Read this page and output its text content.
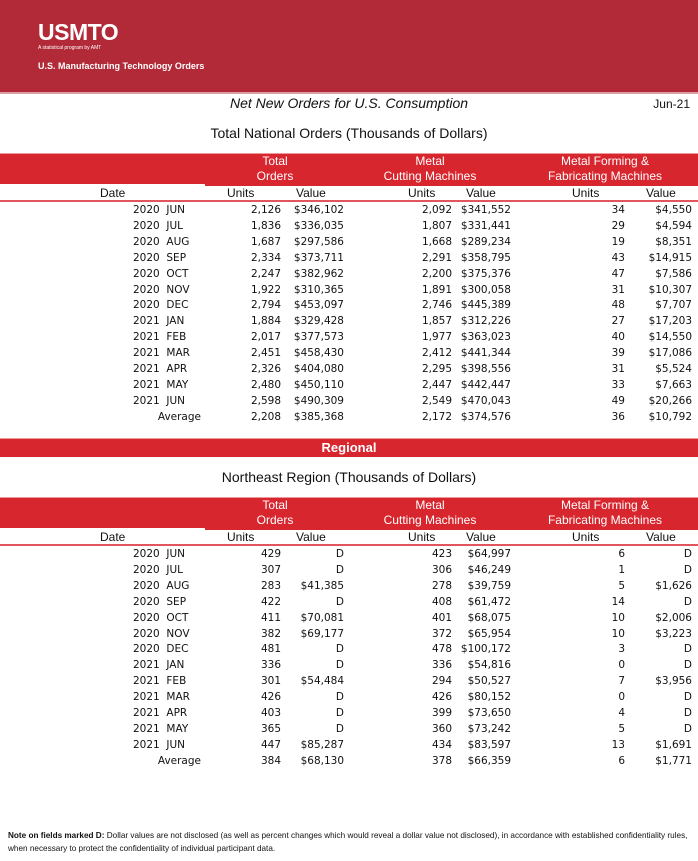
USMTO
A statistical program by AMT
U.S. Manufacturing Technology Orders
Net New Orders for U.S. Consumption	Jun-21
Total National Orders (Thousands of Dollars)
Total
Orders
Metal
Cutting Machines
Metal Forming &
Fabricating Machines
Date	Units	Value	Units	Value	Units	Value
2020  JUN	2,126	$346,102	2,092 $341,552	34	$4,550
2020  JUL	1,836	$336,035	1,807 $331,441	29	$4,594
2020  AUG	1,687	$297,586	1,668 $289,234	19	$8,351
2020  SEP	2,334	$373,711	2,291 $358,795	43	$14,915
2020  OCT	2,247	$382,962	2,200 $375,376	47	$7,586
2020  NOV	1,922	$310,365	1,891 $300,058	31	$10,307
2020  DEC	2,794	$453,097	2,746 $445,389	48	$7,707
2021  JAN	1,884	$329,428	1,857 $312,226	27	$17,203
2021  FEB	2,017	$377,573	1,977 $363,023	40	$14,550
2021  MAR	2,451	$458,430	2,412 $441,344	39	$17,086
2021  APR	2,326	$404,080	2,295 $398,556	31	$5,524
2021  MAY	2,480	$450,110	2,447 $442,447	33	$7,663
2021  JUN	2,598	$490,309	2,549 $470,043	49	$20,266
Average	2,208	$385,368	2,172 $374,576	36	$10,792
Regional
Northeast Region (Thousands of Dollars)
Total
Orders
Metal
Cutting Machines
Metal Forming &
Fabricating Machines
Date	Units	Value	Units	Value	Units	Value
2020  JUN	429	D	423	$64,997	6	D
2020  JUL	307	D	306	$46,249	1	D
2020  AUG	283	$41,385	278	$39,759	5	$1,626
2020  SEP	422	D	408	$61,472	14	D
2020  OCT	411	$70,081	401	$68,075	10	$2,006
2020  NOV	382	$69,177	372	$65,954	10	$3,223
2020  DEC	481	D	478 $100,172	3	D
2021  JAN	336	D	336	$54,816	0	D
2021  FEB	301	$54,484	294	$50,527	7	$3,956
2021  MAR	426	D	426	$80,152	0	D
2021  APR	403	D	399	$73,650	4	D
2021  MAY	365	D	360	$73,242	5	D
2021  JUN	447	$85,287	434	$83,597	13	$1,691
Average	384	$68,130	378	$66,359	6	$1,771
Note on fields marked D: Dollar values are not disclosed (as well as percent changes which would reveal a dollar value not disclosed), in accordance with established confidentiality rules, when necessary to protect the confidentiality of individual participant data.
